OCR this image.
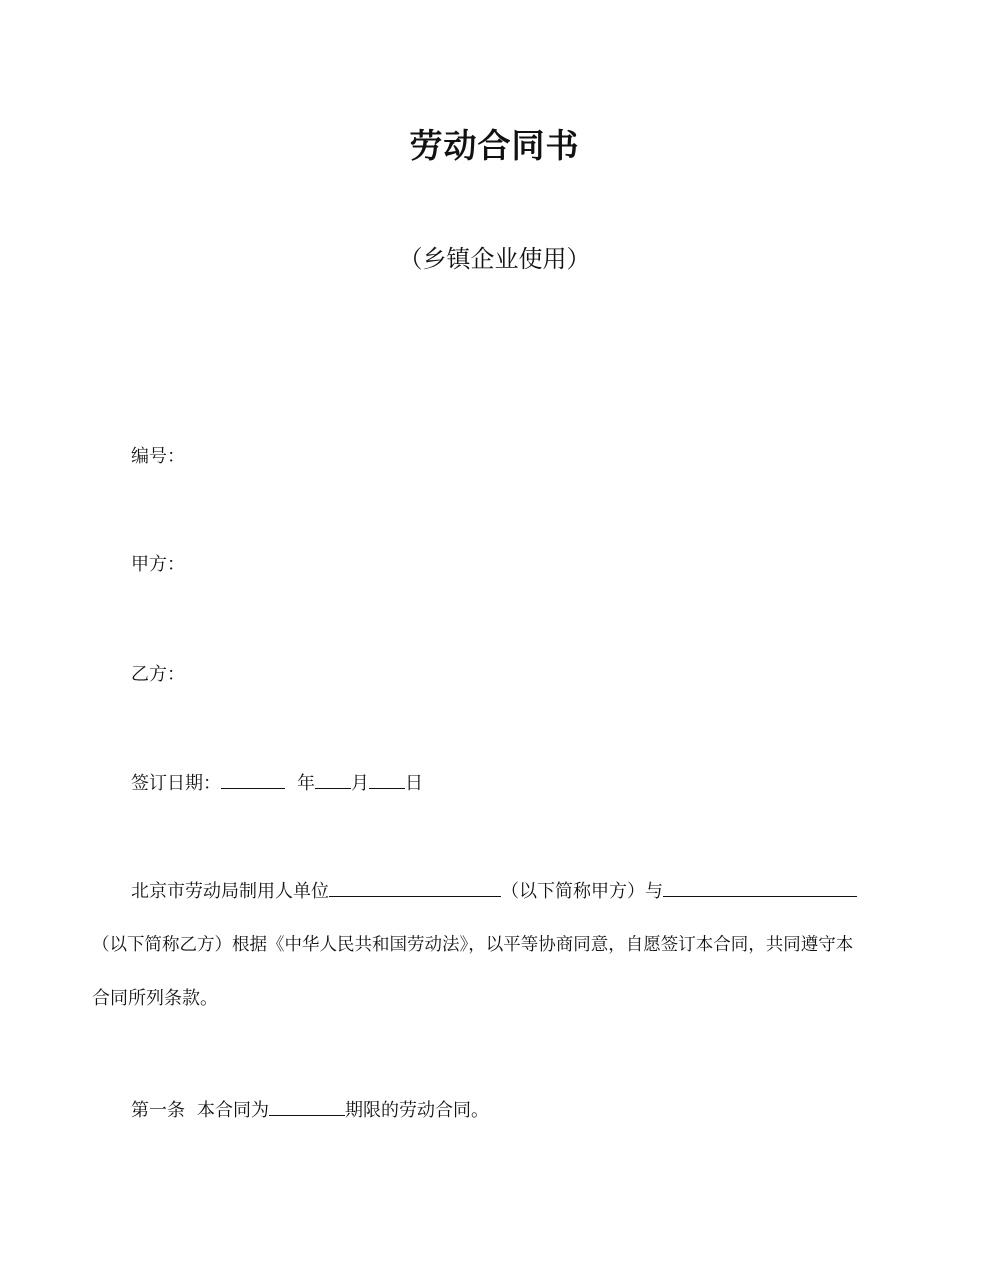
劳动合同书
（乡镇企业使用）
编号：
甲方：
乙方：
签订日期：	年 月 日
北京市劳动局制用人单位	（以下简称甲方）与
（以下简称乙方）根据《中华人民共和国劳动法》，以平等协商同意，自愿签订本合同，共同遵守本
合同所列条款。
第一条 本合同为	期限的劳动合同。
